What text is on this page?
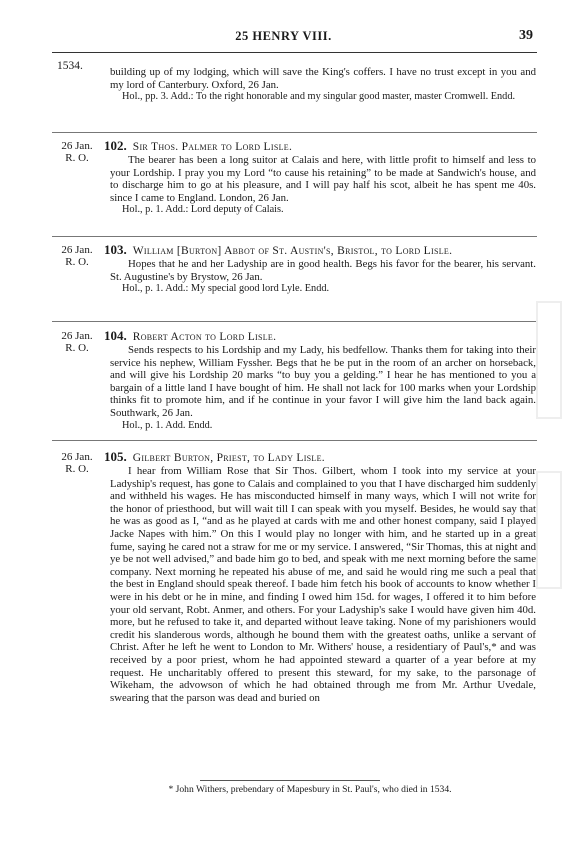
25 HENRY VIII.	39
1534.	building up of my lodging, which will save the King's coffers. I have no trust except in you and my lord of Canterbury. Oxford, 26 Jan.

Hol., pp. 3. Add.: To the right honorable and my singular good master, master Cromwell. Endd.

26 Jan.
R. O.

102. Sir Thos. Palmer to Lord Lisle.

The bearer has been a long suitor at Calais and here, with little profit to himself and less to your Lordship. I pray you my Lord “to cause his retaining” to be made at Sandwich's house, and to discharge him to go at his pleasure, and I will pay half his scot, albeit he has spent me 40s. since I came to England. London, 26 Jan.

Hol., p. 1. Add.: Lord deputy of Calais.

26 Jan.
R. O.

103. William [Burton] Abbot of St. Austin's, Bristol, to Lord Lisle.

Hopes that he and her Ladyship are in good health. Begs his favor for the bearer, his servant. St. Augustine's by Brystow, 26 Jan.

Hol., p. 1. Add.: My special good lord Lyle. Endd.

26 Jan.
R. O.

104. Robert Acton to Lord Lisle.

Sends respects to his Lordship and my Lady, his bedfellow. Thanks them for taking into their service his nephew, William Fyssher. Begs that he be put in the room of an archer on horseback, and will give his Lordship 20 marks “to buy you a gelding.” I hear he has mentioned to you a bargain of a little land I have bought of him. He shall not lack for 100 marks when your Lordship thinks fit to promote him, and if he continue in your favor I will give him the land back again. Southwark, 26 Jan.

Hol., p. 1. Add. Endd.

26 Jan.
R. O.

105. Gilbert Burton, Priest, to Lady Lisle.

I hear from William Rose that Sir Thos. Gilbert, whom I took into my service at your Ladyship's request, has gone to Calais and complained to you that I have discharged him suddenly and withheld his wages. He has misconducted himself in many ways, which I will not write for the honor of priesthood, but will wait till I can speak with you myself. Besides, he would say that he was as good as I, “and as he played at cards with me and other honest company, said I played Jacke Napes with him.” On this I would play no longer with him, and he started up in a great fume, saying he cared not a straw for me or my service. I answered, “Sir Thomas, this at night and ye be not well advised,” and bade him go to bed, and speak with me next morning before the same company. Next morning he repeated his abuse of me, and said he would ring me such a peal that the best in England should speak thereof. I bade him fetch his book of accounts to know whether I were in his debt or he in mine, and finding I owed him 15d. for wages, I offered it to him before your old servant, Robt. Anmer, and others. For your Ladyship's sake I would have given him 40d. more, but he refused to take it, and departed without leave taking. None of my parishioners would credit his slanderous words, although he bound them with the greatest oaths, unlike a servant of Christ. After he left he went to London to Mr. Withers' house, a residentiary of Paul's,* and was received by a poor priest, whom he had appointed steward a quarter of a year before at my request. He uncharitably offered to present this steward, for my sake, to the parsonage of Wikeham, the advowson of which he had obtained through me from Mr. Arthur Uvedale, swearing that the parson was dead and buried on

* John Withers, prebendary of Mapesbury in St. Paul's, who died in 1534.
